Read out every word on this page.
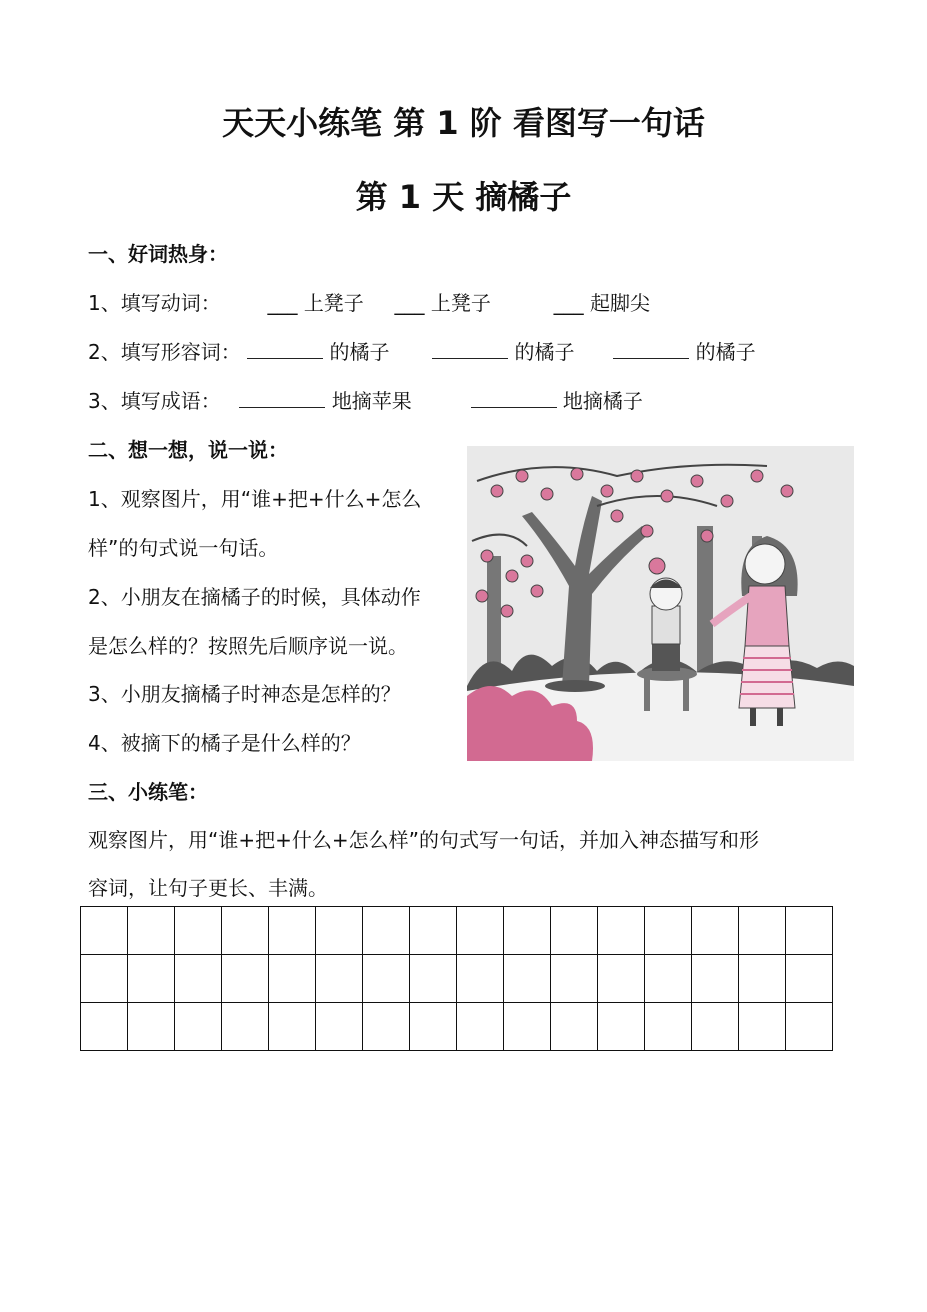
天天小练笔 第 1 阶 看图写一句话
第 1 天 摘橘子
一、好词热身：
1、填写动词： ___ 上凳子 ___ 上凳子	___ 起脚尖
2、填写形容词：	的橘子	的橘子	的橘子
3、填写成语：	地摘苹果	地摘橘子
二、想一想，说一说：
1、观察图片，用“谁+把+什么+怎么
样”的句式说一句话。
2、小朋友在摘橘子的时候，具体动作
是怎么样的？按照先后顺序说一说。
3、小朋友摘橘子时神态是怎样的？
4、被摘下的橘子是什么样的？
三、小练笔：
观察图片，用“谁+把+什么+怎么样”的句式写一句话，并加入神态描写和形
容词，让句子更长、丰满。
